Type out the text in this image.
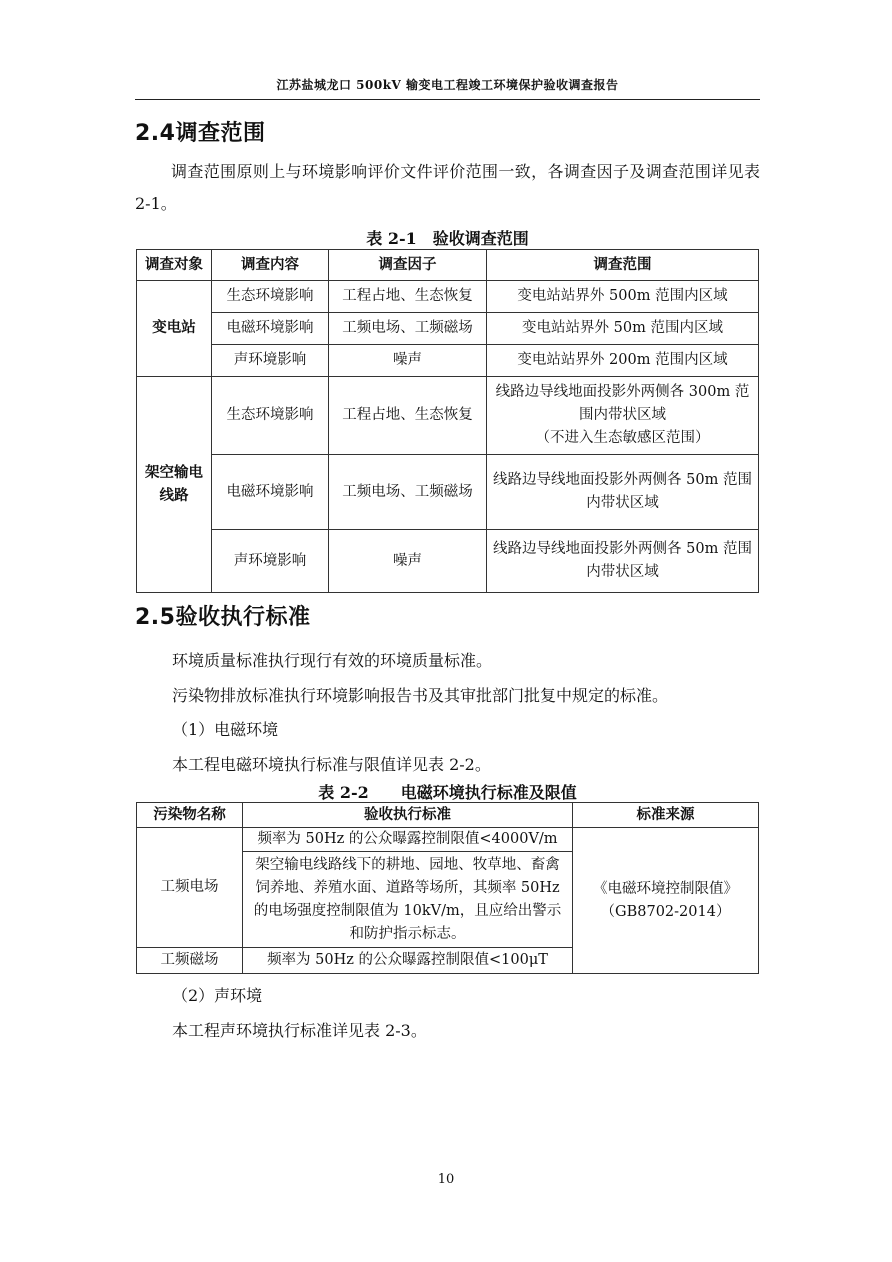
江苏盐城龙口 500kV 输变电工程竣工环境保护验收调查报告
2.4调查范围
调查范围原则上与环境影响评价文件评价范围一致，各调查因子及调查范围详见表 2-1。
表 2-1　验收调查范围
调查对象	调查内容	调查因子	调查范围
变电站	生态环境影响	工程占地、生态恢复	变电站站界外 500m 范围内区域
	电磁环境影响	工频电场、工频磁场	变电站站界外 50m 范围内区域
	声环境影响	噪声	变电站站界外 200m 范围内区域
架空输电线路	生态环境影响	工程占地、生态恢复	线路边导线地面投影外两侧各 300m 范围内带状区域
（不进入生态敏感区范围）

	电磁环境影响	工频电场、工频磁场	线路边导线地面投影外两侧各 50m 范围内带状区域
	声环境影响	噪声	线路边导线地面投影外两侧各 50m 范围内带状区域
2.5验收执行标准
环境质量标准执行现行有效的环境质量标准。
污染物排放标准执行环境影响报告书及其审批部门批复中规定的标准。
（1）电磁环境
本工程电磁环境执行标准与限值详见表 2-2。
表 2-2　　电磁环境执行标准及限值
污染物名称	验收执行标准	标准来源
工频电场	频率为 50Hz 的公众曝露控制限值<4000V/m	《电磁环境控制限值》
（GB8702-2014）

	架空输电线路线下的耕地、园地、牧草地、畜禽饲养地、养殖水面、道路等场所，其频率 50Hz 的电场强度控制限值为 10kV/m，且应给出警示和防护指示标志。	
工频磁场	频率为 50Hz 的公众曝露控制限值<100μT	
（2）声环境
本工程声环境执行标准详见表 2-3。
10
